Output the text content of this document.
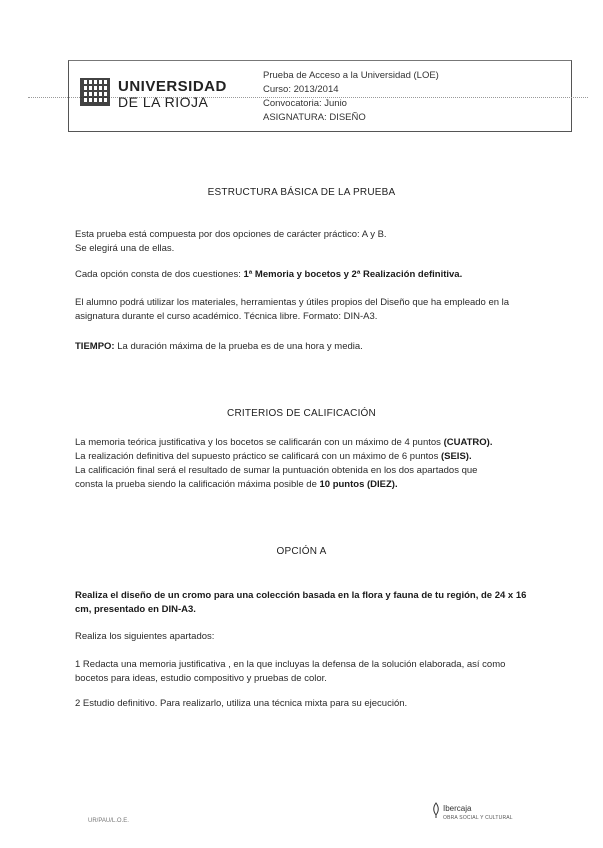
UNIVERSIDAD
DE LA RIOJA
Prueba de Acceso a la Universidad (LOE)
Curso: 2013/2014
Convocatoria: Junio
ASIGNATURA: DISEÑO
ESTRUCTURA BÁSICA DE LA PRUEBA
Esta prueba está compuesta por dos opciones de carácter práctico: A y B.
Se elegirá una de ellas.
Cada opción consta de dos cuestiones: 1ª Memoria y bocetos y 2ª Realización definitiva.
El alumno podrá utilizar los materiales, herramientas y útiles propios del Diseño que ha empleado en la asignatura durante el curso académico. Técnica libre. Formato: DIN-A3.
TIEMPO: La duración máxima de la prueba es de una hora y media.
CRITERIOS DE CALIFICACIÓN
La memoria teórica justificativa y los bocetos se calificarán con un máximo de 4 puntos (CUATRO).
La realización definitiva del supuesto práctico se calificará con un máximo de 6 puntos (SEIS).
La calificación final será el resultado de sumar la puntuación obtenida en los dos apartados que
consta la prueba siendo la calificación máxima posible de 10 puntos (DIEZ).
OPCIÓN A
Realiza el diseño de un cromo para una colección basada en la flora y fauna de tu región, de 24 x 16 cm, presentado en DIN-A3.
Realiza los siguientes apartados:
1 Redacta una memoria justificativa , en la que incluyas la defensa de la solución elaborada, así como bocetos para ideas, estudio compositivo y pruebas de color.
2 Estudio definitivo. Para realizarlo, utiliza una técnica mixta para su ejecución.
UR/PAU/L.O.E.
Ibercaja
OBRA SOCIAL Y CULTURAL
